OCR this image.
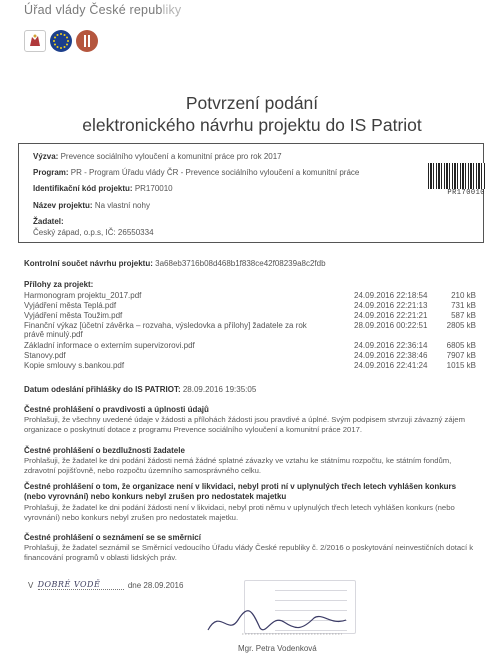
Úřad vlády České republiky
Potvrzení podání
elektronického návrhu projektu do IS Patriot
Výzva: Prevence sociálního vyloučení a komunitní práce pro rok 2017
Program: PR - Program Úřadu vlády ČR - Prevence sociálního vyloučení a komunitní práce
Identifikační kód projektu: PR170010
Název projektu: Na vlastní nohy
Žadatel:
Český západ, o.p.s, IČ: 26550334
PR170010
Kontrolní součet návrhu projektu: 3a68eb3716b08d468b1f838ce42f08239a8c2fdb
Přílohy za projekt:
Harmonogram projektu_2017.pdf	24.09.2016 22:18:54	210 kB
Vyjádření města Teplá.pdf	24.09.2016 22:21:13	731 kB
Vyjádření města Toužim.pdf	24.09.2016 22:21:21	587 kB
Finanční výkaz [účetní závěrka – rozvaha, výsledovka a přílohy] žadatele za rok právě minulý.pdf
28.09.2016 00:22:51	2805 kB
Základní informace o externím supervizorovi.pdf	24.09.2016 22:36:14	6805 kB
Stanovy.pdf	24.09.2016 22:38:46	7907 kB
Kopie smlouvy s.bankou.pdf	24.09.2016 22:41:24	1015 kB
Datum odeslání přihlášky do IS PATRIOT: 28.09.2016 19:35:05
Čestné prohlášení o pravdivosti a úplnosti údajů
Prohlašuji, že všechny uvedené údaje v žádosti a přílohách žádosti jsou pravdivé a úplné. Svým podpisem stvrzuji závazný zájem organizace o poskytnutí dotace z programu Prevence sociálního vyloučení a komunitní práce 2017.
Čestné prohlášení o bezdlužnosti žadatele
Prohlašuji, že žadatel ke dni podání žádosti nemá žádné splatné závazky ve vztahu ke státnímu rozpočtu, ke státním fondům, zdravotní pojišťovně, nebo rozpočtu územního samosprávného celku.
Čestné prohlášení o tom, že organizace není v likvidaci, nebyl proti ní v uplynulých třech letech vyhlášen konkurs (nebo vyrovnání) nebo konkurs nebyl zrušen pro nedostatek majetku
Prohlašuji, že žadatel ke dni podání žádosti není v likvidaci, nebyl proti němu v uplynulých třech letech vyhlášen konkurs (nebo vyrovnání) nebo konkurs nebyl zrušen pro nedostatek majetku.
Čestné prohlášení o seznámení se se směrnicí
Prohlašuji, že žadatel seznámil se Směrnicí vedoucího Úřadu vlády České republiky č. 2/2016 o poskytování neinvestičních dotací k financování programů v oblasti lidských práv.
V DOBRÉ VODĚ	dne 28.09.2016
Mgr. Petra Vodenková
